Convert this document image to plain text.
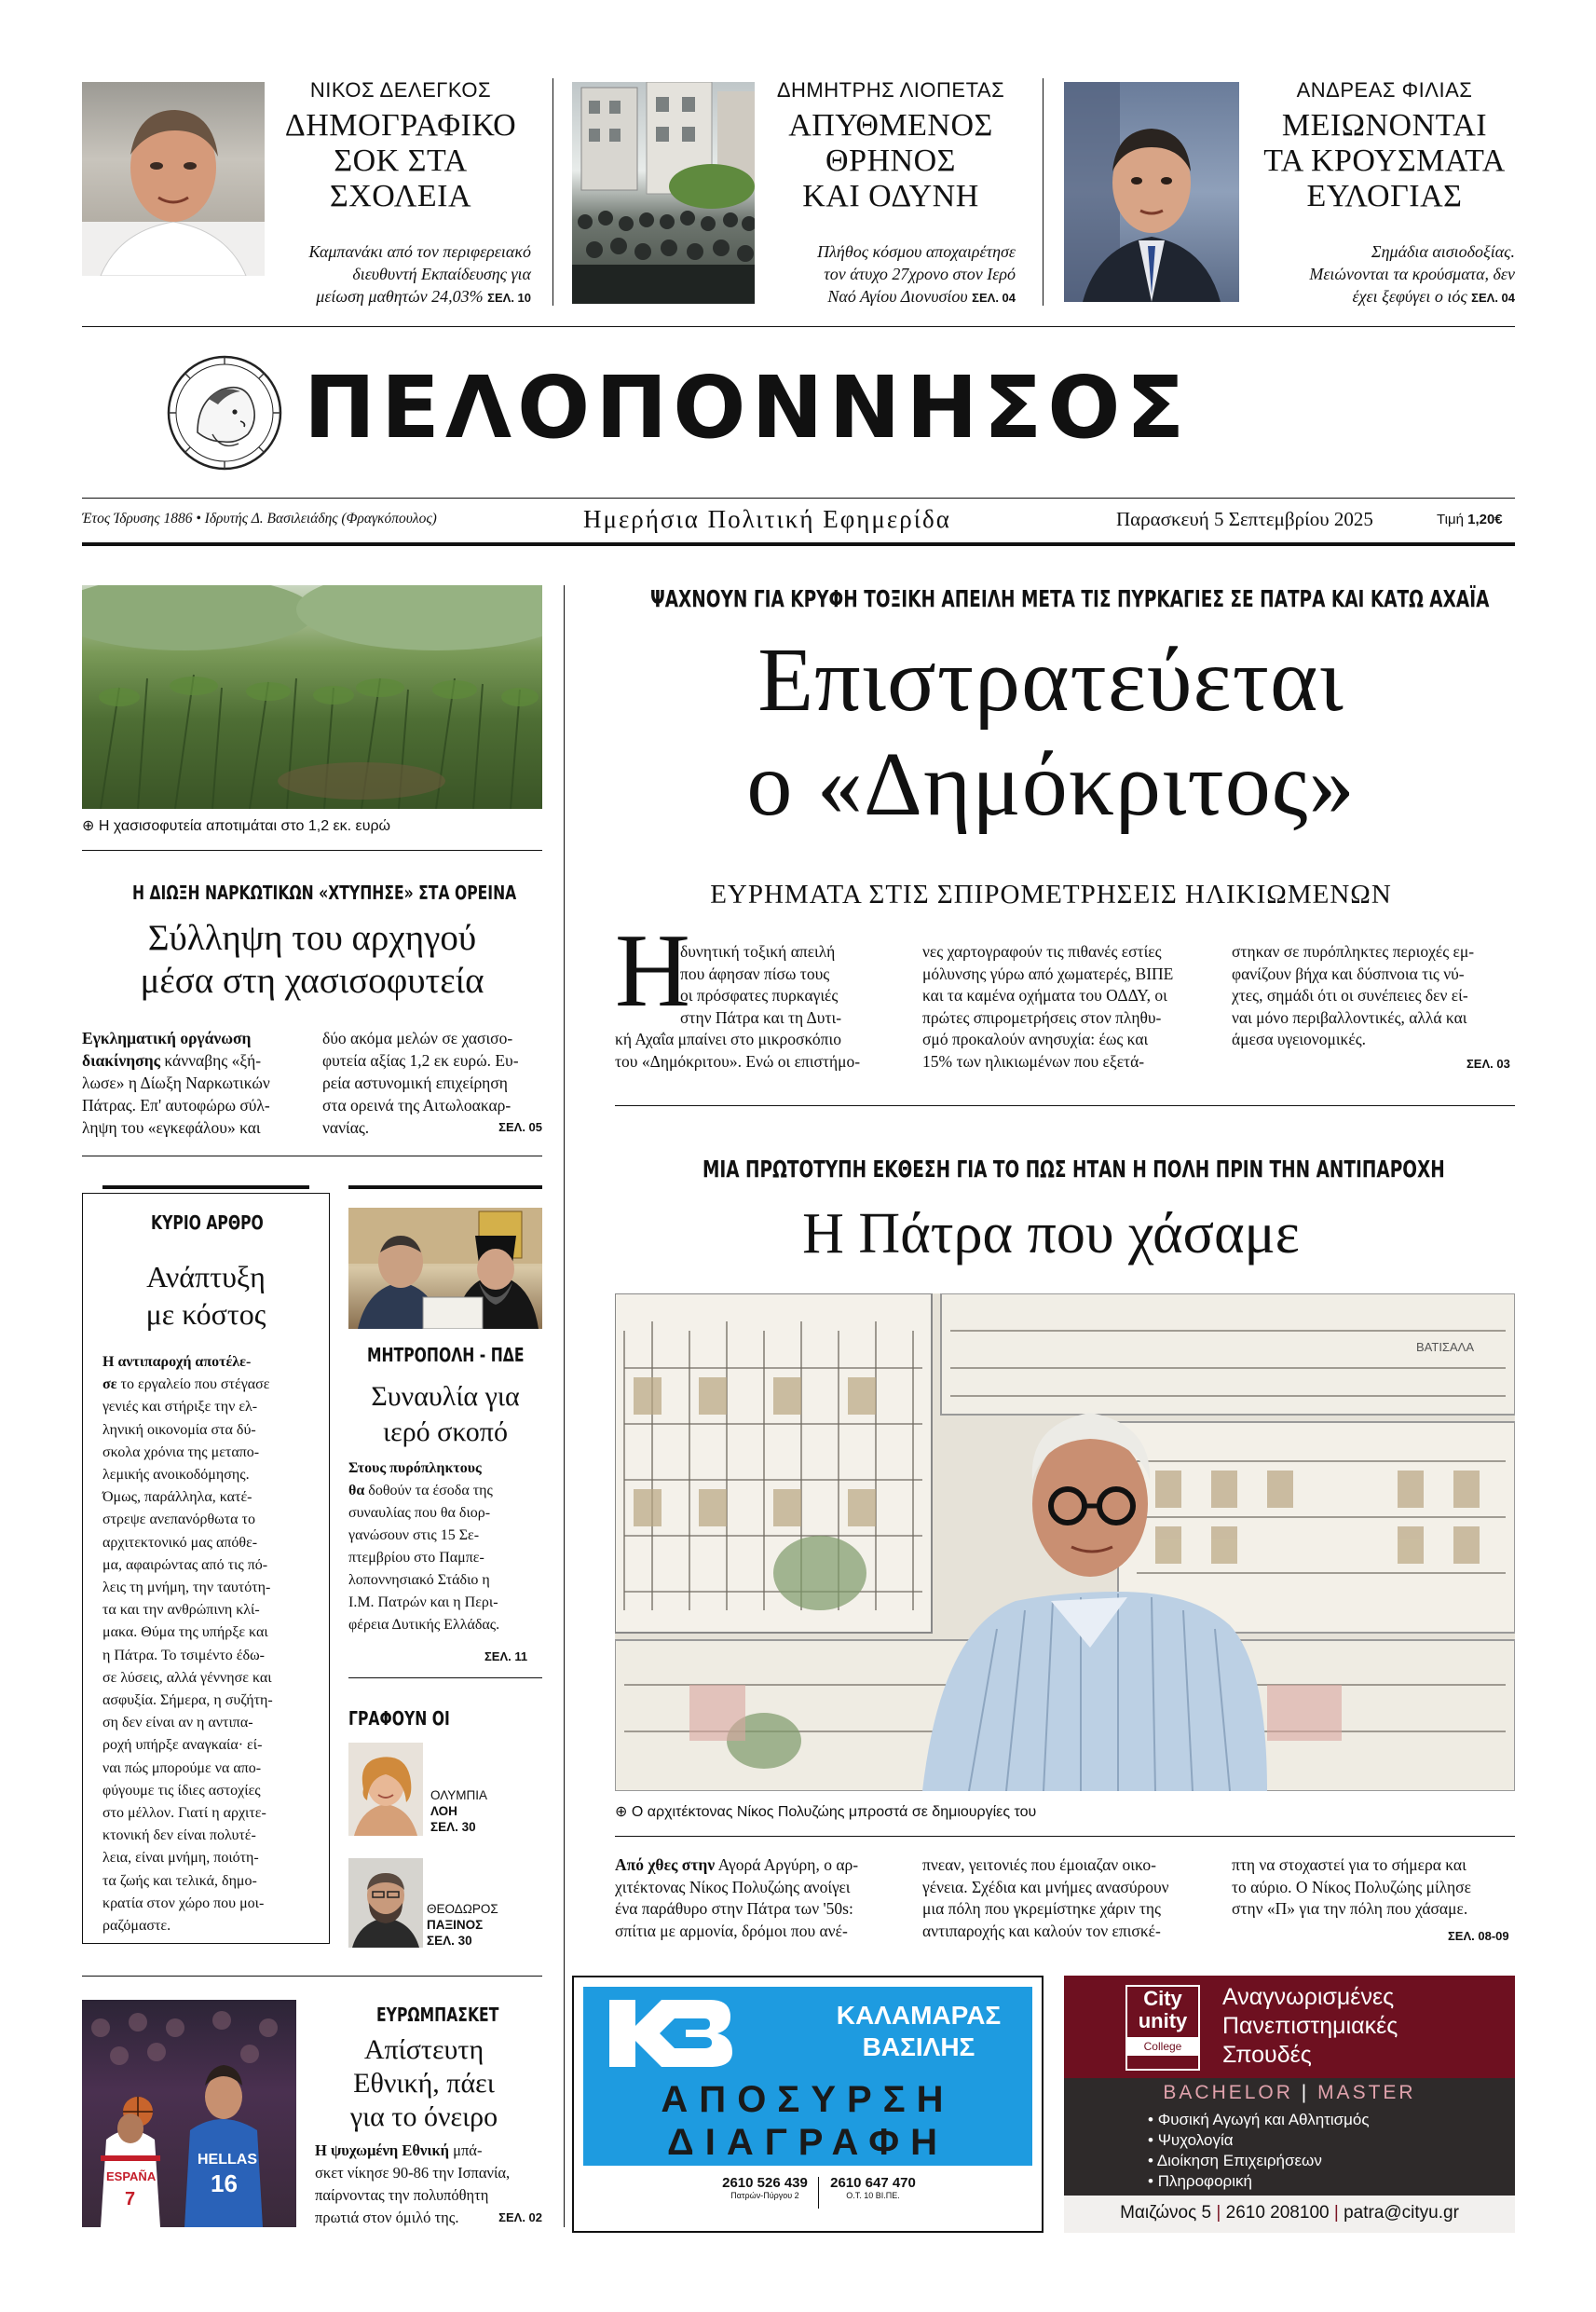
ΝΙΚΟΣ ΔΕΛΕΓΚΟΣ
ΔΗΜΟΓΡΑΦΙΚΟ
ΣΟΚ ΣΤΑ
ΣΧΟΛΕΙΑ
Καμπανάκι από τον περιφερειακό
διευθυντή Εκπαίδευσης για
μείωση μαθητών 24,03% ΣΕΛ. 10
ΔΗΜΗΤΡΗΣ ΛΙΟΠΕΤΑΣ
ΑΠΥΘΜΕΝΟΣ
ΘΡΗΝΟΣ
ΚΑΙ ΟΔΥΝΗ
Πλήθος κόσμου αποχαιρέτησε
τον άτυχο 27χρονο στον Ιερό
Ναό Αγίου Διονυσίου ΣΕΛ. 04
ΑΝΔΡΕΑΣ ΦΙΛΙΑΣ
ΜΕΙΩΝΟΝΤΑΙ
ΤΑ ΚΡΟΥΣΜΑΤΑ
ΕΥΛΟΓΙΑΣ
Σημάδια αισιοδοξίας.
Μειώνονται τα κρούσματα, δεν
έχει ξεφύγει ο ιός ΣΕΛ. 04
ΠΕΛΟΠΟΝΝΗΣΟΣ
Έτος Ίδρυσης 1886 • Ιδρυτής Δ. Βασιλειάδης (Φραγκόπουλος)	Ημερήσια Πολιτική Εφημερίδα	Παρασκευή 5 Σεπτεμβρίου 2025	Τιμή 1,20€
⊕ Η χασισοφυτεία αποτιμάται στο 1,2 εκ. ευρώ
Η ΔΙΩΞΗ ΝΑΡΚΩΤΙΚΩΝ «ΧΤΥΠΗΣΕ» ΣΤΑ ΟΡΕΙΝΑ
Σύλληψη του αρχηγού
μέσα στη χασισοφυτεία
Εγκληματική οργάνωση
διακίνησης κάνναβης «ξή-
λωσε» η Δίωξη Ναρκωτικών
Πάτρας. Επ' αυτοφώρω σύλ-
ληψη του «εγκεφάλου» και
δύο ακόμα μελών σε χασισο-
φυτεία αξίας 1,2 εκ ευρώ. Ευ-
ρεία αστυνομική επιχείρηση
στα ορεινά της Αιτωλοακαρ-
νανίας.	ΣΕΛ. 05
ΚΥΡΙΟ ΑΡΘΡΟ
Ανάπτυξη
με κόστος
Η αντιπαροχή αποτέλε-
σε το εργαλείο που στέγασε
γενιές και στήριξε την ελ-
ληνική οικονομία στα δύ-
σκολα χρόνια της μεταπο-
λεμικής ανοικοδόμησης.
Όμως, παράλληλα, κατέ-
στρεψε ανεπανόρθωτα το
αρχιτεκτονικό μας απόθε-
μα, αφαιρώντας από τις πό-
λεις τη μνήμη, την ταυτότη-
τα και την ανθρώπινη κλί-
μακα. Θύμα της υπήρξε και
η Πάτρα. Το τσιμέντο έδω-
σε λύσεις, αλλά γέννησε και
ασφυξία. Σήμερα, η συζήτη-
ση δεν είναι αν η αντιπα-
ροχή υπήρξε αναγκαία· εί-
ναι πώς μπορούμε να απο-
φύγουμε τις ίδιες αστοχίες
στο μέλλον. Γιατί η αρχιτε-
κτονική δεν είναι πολυτέ-
λεια, είναι μνήμη, ποιότη-
τα ζωής και τελικά, δημο-
κρατία στον χώρο που μοι-
ραζόμαστε.
ΜΗΤΡΟΠΟΛΗ - ΠΔΕ
Συναυλία για
ιερό σκοπό
Στους πυρόπληκτους
θα δοθούν τα έσοδα της
συναυλίας που θα διορ-
γανώσουν στις 15 Σε-
πτεμβρίου στο Παμπε-
λοποννησιακό Στάδιο η
Ι.Μ. Πατρών και η Περι-
φέρεια Δυτικής Ελλάδας.
ΣΕΛ. 11
ΓΡΑΦΟΥΝ ΟΙ
ΟΛΥΜΠΙΑ
ΛΟΗ
ΣΕΛ. 30
ΘΕΟΔΩΡΟΣ
ΠΑΞΙΝΟΣ
ΣΕΛ. 30
ΨΑΧΝΟΥΝ ΓΙΑ ΚΡΥΦΗ ΤΟΞΙΚΗ ΑΠΕΙΛΗ ΜΕΤΑ ΤΙΣ ΠΥΡΚΑΓΙΕΣ ΣΕ ΠΑΤΡΑ ΚΑΙ ΚΑΤΩ ΑΧΑΪΑ
Επιστρατεύεται
ο «Δημόκριτος»
ΕΥΡΗΜΑΤΑ ΣΤΙΣ ΣΠΙΡΟΜΕΤΡΗΣΕΙΣ ΗΛΙΚΙΩΜΕΝΩΝ
Η
δυνητική τοξική απειλή
που άφησαν πίσω τους
οι πρόσφατες πυρκαγιές
στην Πάτρα και τη Δυτι-
κή Αχαΐα μπαίνει στο μικροσκόπιο
του «Δημόκριτου». Ενώ οι επιστήμο-
νες χαρτογραφούν τις πιθανές εστίες
μόλυνσης γύρω από χωματερές, ΒΙΠΕ
και τα καμένα οχήματα του ΟΔΔΥ, οι
πρώτες σπιρομετρήσεις στον πληθυ-
σμό προκαλούν ανησυχία: έως και
15% των ηλικιωμένων που εξετά-
στηκαν σε πυρόπληκτες περιοχές εμ-
φανίζουν βήχα και δύσπνοια τις νύ-
χτες, σημάδι ότι οι συνέπειες δεν εί-
ναι μόνο περιβαλλοντικές, αλλά και
άμεσα υγειονομικές.
ΣΕΛ. 03
ΜΙΑ ΠΡΩΤΟΤΥΠΗ ΕΚΘΕΣΗ ΓΙΑ ΤΟ ΠΩΣ ΗΤΑΝ Η ΠΟΛΗ ΠΡΙΝ ΤΗΝ ΑΝΤΙΠΑΡΟΧΗ
Η Πάτρα που χάσαμε
ΒΑΤΙΣΑΛΑ
⊕ Ο αρχιτέκτονας Νίκος Πολυζώης μπροστά σε δημιουργίες του
Από χθες στην Αγορά Αργύρη, ο αρ-
χιτέκτονας Νίκος Πολυζώης ανοίγει
ένα παράθυρο στην Πάτρα των '50s:
σπίτια με αρμονία, δρόμοι που ανέ-
πνεαν, γειτονιές που έμοιαζαν οικο-
γένεια. Σχέδια και μνήμες ανασύρουν
μια πόλη που γκρεμίστηκε χάριν της
αντιπαροχής και καλούν τον επισκέ-
πτη να στοχαστεί για το σήμερα και
το αύριο. Ο Νίκος Πολυζώης μίλησε
στην «Π» για την πόλη που χάσαμε.
ΣΕΛ. 08-09
ESPAÑA
7
HELLAS
16
ΕΥΡΩΜΠΑΣΚΕΤ
Απίστευτη
Εθνική, πάει
για το όνειρο
Η ψυχωμένη Εθνική μπά-
σκετ νίκησε 90-86 την Ισπανία,
παίρνοντας την πολυπόθητη
πρωτιά στον όμιλό της.	ΣΕΛ. 02
ΚΑΛΑΜΑΡΑΣ
ΒΑΣΙΛΗΣ
ΑΠΟΣΥΡΣΗ
ΔΙΑΓΡΑΦΗ
2610 526 439
Πατρών-Πύργου 2
2610 647 470
Ο.Τ. 10 ΒΙ.ΠΕ.
City
unity
College
Αναγνωρισμένες
Πανεπιστημιακές
Σπουδές
BACHELOR | MASTER
• Φυσική Αγωγή και Αθλητισμός
• Ψυχολογία
• Διοίκηση Επιχειρήσεων
• Πληροφορική
Μαιζώνος 5 | 2610 208100 | patra@cityu.gr
